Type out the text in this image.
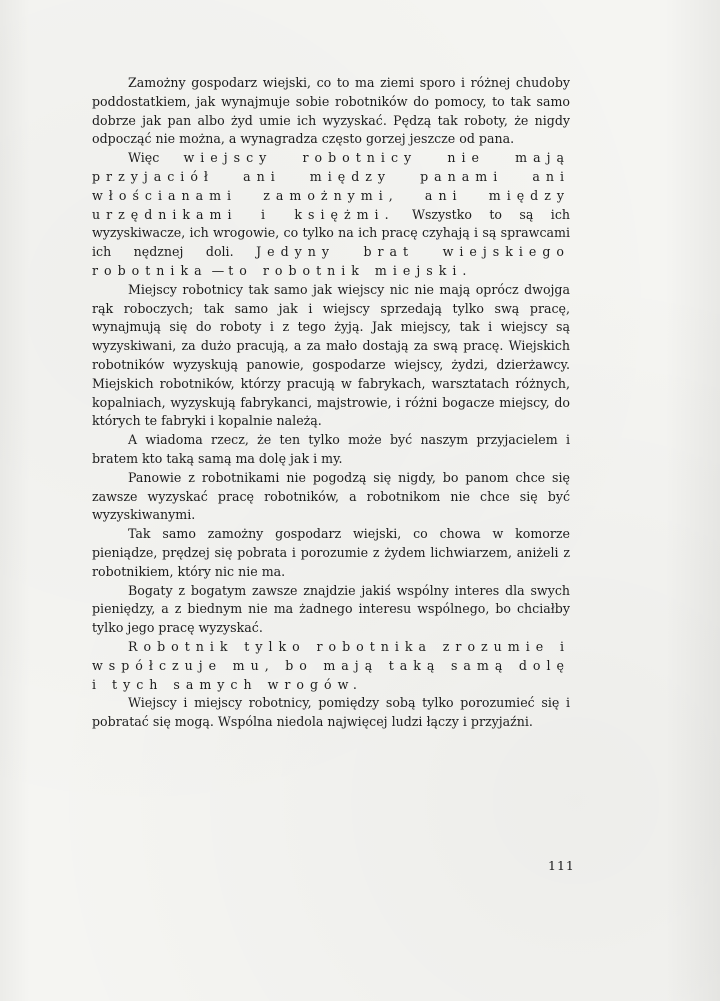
Zamożny gospodarz wiejski, co to ma ziemi sporo i różnej chudoby poddostatkiem, jak wynajmuje sobie robotników do pomocy, to tak samo dobrze jak pan albo żyd umie ich wyzyskać. Pędzą tak roboty, że nigdy odpocząć nie można, a wynagradza często gorzej jeszcze od pana.

Więc wiejscy robotnicy nie mają przyjaciół ani między panami ani włościanami zamożnymi, ani między urzędnikami i księżmi. Wszystko to są ich wyzyskiwacze, ich wrogowie, co tylko na ich pracę czyhają i są sprawcami ich nędznej doli. Jedyny brat wiejskiego robotnika — to robotnik miejski.

Miejscy robotnicy tak samo jak wiejscy nic nie mają oprócz dwojga rąk roboczych; tak samo jak i wiejscy sprzedają tylko swą pracę, wynajmują się do roboty i z tego żyją. Jak miejscy, tak i wiejscy są wyzyskiwani, za dużo pracują, a za mało dostają za swą pracę. Wiejskich robotników wyzyskują panowie, gospodarze wiejscy, żydzi, dzierżawcy. Miejskich robotników, którzy pracują w fabrykach, warsztatach różnych, kopalniach, wyzyskują fabrykanci, majstrowie, i różni bogacze miejscy, do których te fabryki i kopalnie należą.

A wiadoma rzecz, że ten tylko może być naszym przyjacielem i bratem kto taką samą ma dolę jak i my.

Panowie z robotnikami nie pogodzą się nigdy, bo panom chce się zawsze wyzyskać pracę robotników, a robotnikom nie chce się być wyzyskiwanymi.

Tak samo zamożny gospodarz wiejski, co chowa w komorze pieniądze, prędzej się pobrata i porozumie z żydem lichwiarzem, aniżeli z robotnikiem, który nic nie ma.

Bogaty z bogatym zawsze znajdzie jakiś wspólny interes dla swych pieniędzy, a z biednym nie ma żadnego interesu wspólnego, bo chciałby tylko jego pracę wyzyskać.

Robotnik tylko robotnika zrozumie i współczuje mu, bo mają taką samą dolę i tych samych wrogów.

Wiejscy i miejscy robotnicy, pomiędzy sobą tylko porozumieć się i pobratać się mogą. Wspólna niedola najwięcej ludzi łączy i przyjaźni.

111
